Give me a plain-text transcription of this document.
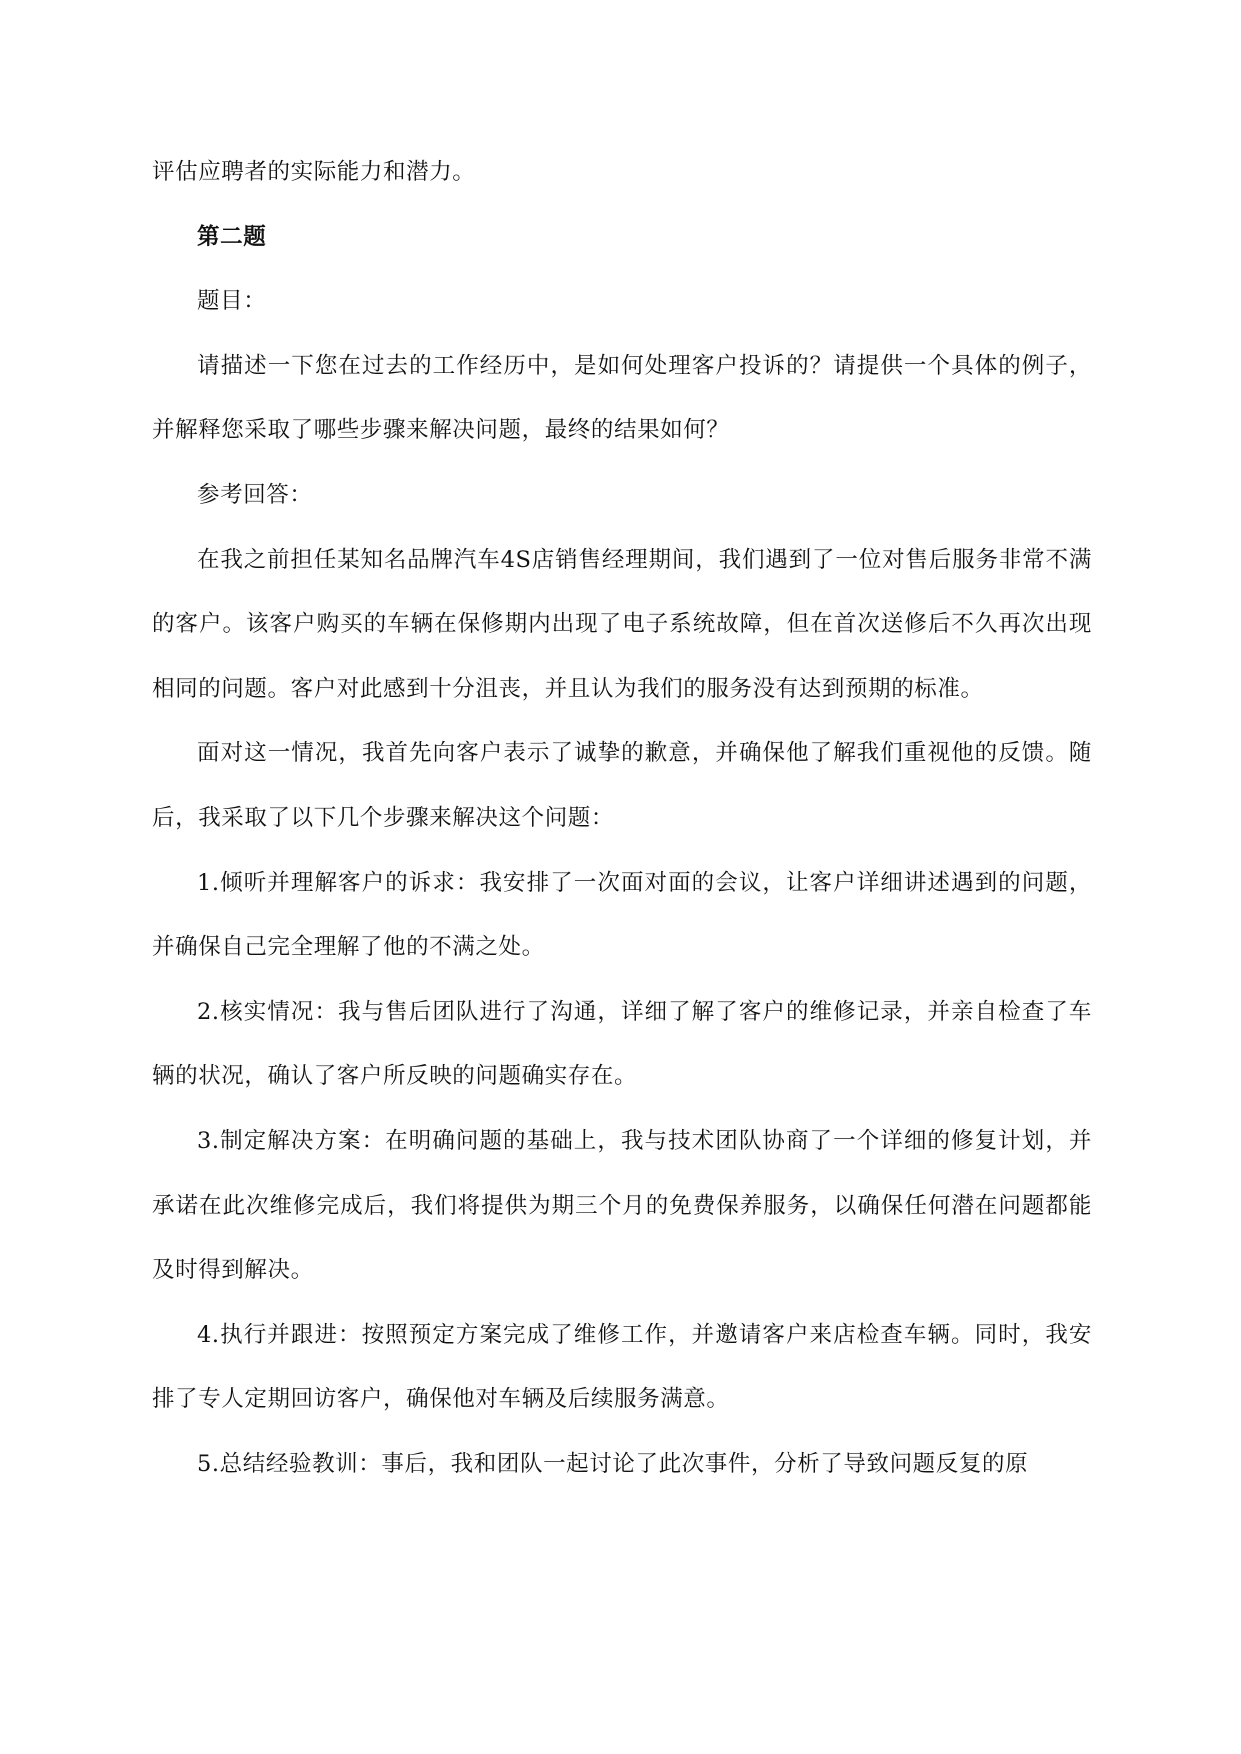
评估应聘者的实际能力和潜力。

第二题

题目：

请描述一下您在过去的工作经历中，是如何处理客户投诉的？请提供一个具体的例子，并解释您采取了哪些步骤来解决问题，最终的结果如何？

参考回答：

在我之前担任某知名品牌汽车4S店销售经理期间，我们遇到了一位对售后服务非常不满的客户。该客户购买的车辆在保修期内出现了电子系统故障，但在首次送修后不久再次出现相同的问题。客户对此感到十分沮丧，并且认为我们的服务没有达到预期的标准。

面对这一情况，我首先向客户表示了诚挚的歉意，并确保他了解我们重视他的反馈。随后，我采取了以下几个步骤来解决这个问题：

1.倾听并理解客户的诉求：我安排了一次面对面的会议，让客户详细讲述遇到的问题，并确保自己完全理解了他的不满之处。

2.核实情况：我与售后团队进行了沟通，详细了解了客户的维修记录，并亲自检查了车辆的状况，确认了客户所反映的问题确实存在。

3.制定解决方案：在明确问题的基础上，我与技术团队协商了一个详细的修复计划，并承诺在此次维修完成后，我们将提供为期三个月的免费保养服务，以确保任何潜在问题都能及时得到解决。

4.执行并跟进：按照预定方案完成了维修工作，并邀请客户来店检查车辆。同时，我安排了专人定期回访客户，确保他对车辆及后续服务满意。

5.总结经验教训：事后，我和团队一起讨论了此次事件，分析了导致问题反复的原
